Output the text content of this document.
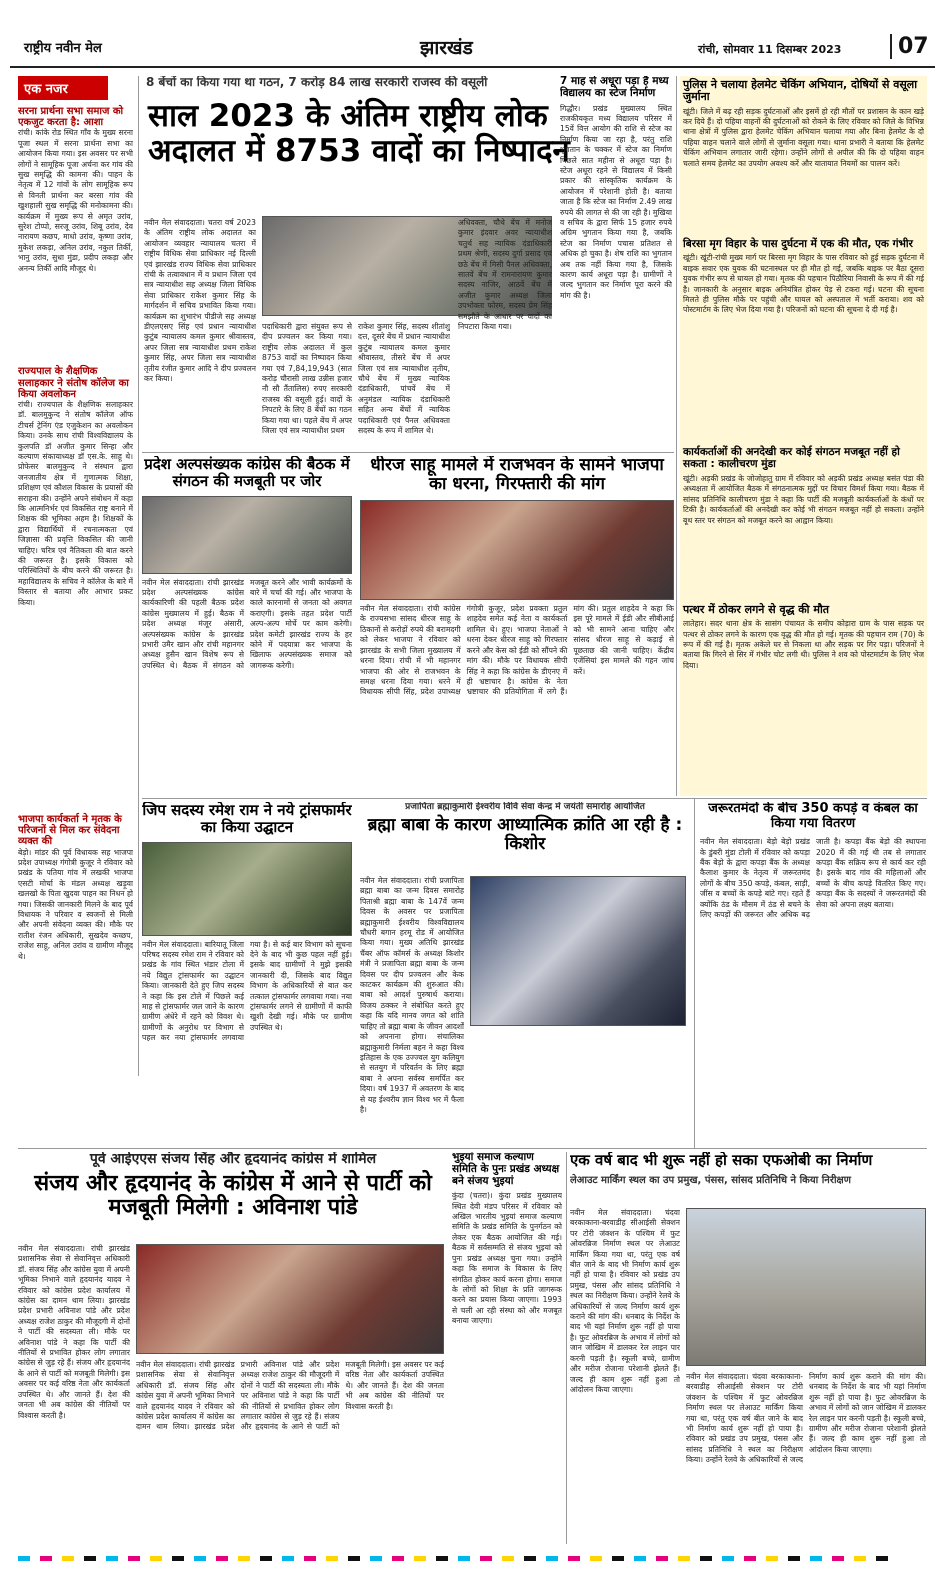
राष्ट्रीय नवीन मेल	झारखंड	रांची, सोमवार 11 दिसम्बर 2023	07
एक नजर
सरना प्रार्थना सभा समाज को एकजुट करता है: आशा
रांची। कांके रोड स्थित गाँव के मुख्य सरना पूजा स्थल में सरना प्रार्थना सभा का आयोजन किया गया। इस अवसर पर सभी लोगों ने सामूहिक पूजा अर्चना कर गांव की सुख समृद्धि की कामना की। पाहन के नेतृत्व में 12 गांवों के लोग सामूहिक रूप से विनती प्रार्थना कर बरसा गांव की खुशहाली सुख समृद्धि की मनोकामना की। कार्यक्रम में मुख्य रूप से अमृत उरांव, सुरेश टोप्पो, सरजू उरांव, शिबू उरांव, देव नारायण कछप, माधो उरांव, कृष्णा उरांव, मुकेश लकड़ा, अनिल उरांव, नकुल तिर्की, भानु उरांव, सुधा मुंडा, प्रदीप लकड़ा और अनन्य तिर्की आदि मौजूद थे।
राज्यपाल के शैक्षणिक सलाहकार ने संतोष कॉलेज का किया अवलोकन
रांची। राज्यपाल के शैक्षणिक सलाहकार डॉ. बालमुकुन्द ने संतोष कॉलेज ऑफ टीचर्स ट्रेनिंग एंड एजुकेशन का अवलोकन किया। उनके साथ रांची विश्वविद्यालय के कुलपति डॉ अजीत कुमार सिन्हा और कल्याण संकायाध्यक्ष डॉ एस.के. साहू थे। प्रोफेसर बालमुकुन्द ने संस्थान द्वारा जनजातीय क्षेत्र में गुणात्मक शिक्षा, प्रशिक्षण एवं कौशल विकास के प्रयासों की सराहना की। उन्होंने अपने संबोधन में कहा कि आत्मनिर्भर एवं विकसित राष्ट्र बनाने में शिक्षक की भूमिका अहम है। शिक्षकों के द्वारा विद्यार्थियों में रचनात्मकता एवं जिज्ञासा की प्रवृत्ति विकसित की जानी चाहिए। चरित्र एवं नैतिकता की बात करने की जरूरत है। इसके विकास को परिस्थितियों के बीच करने की जरूरत है। महाविद्यालय के सचिव ने कॉलेज के बारे में विस्तार से बताया और आभार प्रकट किया।
भाजपा कार्यकर्ता ने मृतक के परिजनों से मिल कर संवेदना व्यक्त की
बेड़ो। मांडर की पूर्व विधायक सह भाजपा प्रदेश उपाध्यक्ष गंगोत्री कुजूर ने रविवार को प्रखंड के पतिया गांव में लखकी भाजपा एसटी मोर्चा के मंडल अध्यक्ष खड़ूवा खलखो के पिता खुदवा पाहन का निधन हो गया। जिसकी जानकारी मिलने के बाद पूर्व विधायक ने परिवार व स्वजनों से मिली और अपनी संवेदना व्यक्त की। मौके पर रातीश रंजन अधिकारी, सुखदेव कच्छप, राजेश साहू, अनिल उरांव व ग्रामीण मौजूद थे।
8 बेंचों का किया गया था गठन, 7 करोड़ 84 लाख सरकारी राजस्व की वसूली
साल 2023 के अंतिम राष्ट्रीय लोक अदालत में 8753 वादों का निष्पादन
नवीन मेल संवाददाता। चतरा वर्ष 2023 के अंतिम राष्ट्रीय लोक अदालत का आयोजन व्यवहार न्यायालय चतरा में राष्ट्रीय विधिक सेवा प्राधिकार नई दिल्ली एवं झारखंड राज्य विधिक सेवा प्राधिकार रांची के तत्वावधान में व प्रधान जिला एवं सत्र न्यायाधीश सह अध्यक्ष जिला विधिक सेवा प्राधिकार राकेश कुमार सिंह के मार्गदर्शन में सचिव प्रभावित किया गया। कार्यक्रम का शुभारंभ पीडीजे सह अध्यक्ष डीएलएसए सिंह एवं प्रधान न्यायाधीश कुटुंब न्यायालय कमल कुमार श्रीवास्तव, अपर जिला सत्र न्यायाधीश प्रथम राकेश कुमार सिंह, अपर जिला सत्र न्यायाधीश तृतीय रंजीत कुमार आदि ने दीप प्रज्वलन कर किया।
पदाधिकारी द्वारा संयुक्त रूप से दीप प्रज्वलन कर किया गया। राष्ट्रीय लोक अदालत में कुल 8753 वादों का निष्पादन किया गया एवं 7,84,19,943 (सात करोड़ चौरासी लाख उन्नीस हजार नौ सौ तैंतालिस) रुपए सरकारी राजस्व की वसूली हुई। वादों के निपटारे के लिए 8 बेंचों का गठन किया गया था। पहले बेंच में अपर जिला एवं सत्र न्यायाधीश प्रथम
राकेश कुमार सिंह, सदस्य शीतांशु दत्त, दूसरे बेंच में प्रधान न्यायाधीश कुटुंब न्यायालय कमल कुमार श्रीवास्तव, तीसरे बेंच में अपर जिला एवं सत्र न्यायाधीश तृतीय, चौथे बेंच में मुख्य न्यायिक दंडाधिकारी, पांचवें बेंच में अनुमंडल न्यायिक दंडाधिकारी सहित अन्य बेंचों में न्यायिक पदाधिकारी एवं पैनल अधिवक्ता सदस्य के रूप में शामिल थे।
अधिवक्ता, चौथे बेंच में मनोज कुमार इंदवार अवर न्यायाधीश चतुर्थ सह न्यायिक दंडाधिकारी प्रथम श्रेणी, सदस्य दुर्गा प्रसाद एवं छठे बेंच में मिसी पैनल अधिवक्ता, सातवें बेंच में रामनारायण कुमार सदस्य नाजिर, आठवें बेंच में अजीत कुमार अध्यक्ष जिला उपभोक्ता फोरम, सदस्य प्रेम सिंह समझौते के आधार पर वादों का निपटारा किया गया।
7 माह से अधूरा पड़ा है मध्य विद्यालय का स्टेज निर्माण
गिद्धौर। प्रखंड मुख्यालय स्थित राजकीयकृत मध्य विद्यालय परिसर में 15वें वित्त आयोग की राशि से स्टेज का निर्माण किया जा रहा है, परंतु राशि भुगतान के चक्कर में स्टेज का निर्माण पिछले सात महीना से अधूरा पड़ा है। स्टेज अधूरा रहने से विद्यालय में किसी प्रकार की सांस्कृतिक कार्यक्रम के आयोजन में परेशानी होती है। बताया जाता है कि स्टेज का निर्माण 2.49 लाख रुपये की लागत से की जा रही है। मुखिया व सचिव के द्वारा सिर्फ 15 हजार रुपये अग्रिम भुगतान किया गया है, जबकि स्टेज का निर्माण पचास प्रतिशत से अधिक हो चुका है। शेष राशि का भुगतान अब तक नहीं किया गया है, जिसके कारण कार्य अधूरा पड़ा है। ग्रामीणों ने जल्द भुगतान कर निर्माण पूरा करने की मांग की है।
पुलिस ने चलाया हेलमेट चेकिंग अभियान, दोषियों से वसूला जुर्माना
खूंटी। जिले में बढ़ रही सड़क दुर्घटनाओं और इसमें हो रही मौतों पर प्रशासन के कान खड़े कर दिये हैं। दो पहिया वाहनों की दुर्घटनाओं को रोकने के लिए रविवार को जिले के विभिन्न थाना क्षेत्रों में पुलिस द्वारा हेलमेट चेकिंग अभियान चलाया गया और बिना हेलमेट के दो पहिया वाहन चलाने वाले लोगों से जुर्माना वसूला गया। थाना प्रभारी ने बताया कि हेलमेट चेकिंग अभियान लगातार जारी रहेगा। उन्होंने लोगों से अपील की कि दो पहिया वाहन चलाते समय हेलमेट का उपयोग अवश्य करें और यातायात नियमों का पालन करें।
बिरसा मृग विहार के पास दुर्घटना में एक की मौत, एक गंभीर
खूंटी। खूंटी-रांची मुख्य मार्ग पर बिरसा मृग विहार के पास रविवार को हुई सड़क दुर्घटना में बाइक सवार एक युवक की घटनास्थल पर ही मौत हो गई, जबकि बाइक पर बैठा दूसरा युवक गंभीर रूप से घायल हो गया। मृतक की पहचान पिठौरिया निवासी के रूप में की गई है। जानकारी के अनुसार बाइक अनियंत्रित होकर पेड़ से टकरा गई। घटना की सूचना मिलते ही पुलिस मौके पर पहुंची और घायल को अस्पताल में भर्ती कराया। शव को पोस्टमार्टम के लिए भेज दिया गया है। परिजनों को घटना की सूचना दे दी गई है।
कार्यकर्ताओं की अनदेखी कर कोई संगठन मजबूत नहीं हो सकता : कालीचरण मुंडा
खूंटी। अड़की प्रखंड के जोजोहातु ग्राम में रविवार को अड़की प्रखंड अध्यक्ष बसंत पंडा की अध्यक्षता में आयोजित बैठक में संगठनात्मक मुद्दों पर विचार विमर्श किया गया। बैठक में सांसद प्रतिनिधि कालीचरण मुंडा ने कहा कि पार्टी की मजबूती कार्यकर्ताओं के कंधों पर टिकी है। कार्यकर्ताओं की अनदेखी कर कोई भी संगठन मजबूत नहीं हो सकता। उन्होंने बूथ स्तर पर संगठन को मजबूत करने का आह्वान किया।
पत्थर में ठोकर लगने से वृद्ध की मौत
लातेहार। सदर थाना क्षेत्र के सासंग पंचायत के समीप कोड़ारा ग्राम के पास सड़क पर पत्थर से ठोकर लगने के कारण एक वृद्ध की मौत हो गई। मृतक की पहचान राम (70) के रूप में की गई है। मृतक अकेले घर से निकला था और सड़क पर गिर पड़ा। परिजनों ने बताया कि गिरने से सिर में गंभीर चोट लगी थी। पुलिस ने शव को पोस्टमार्टम के लिए भेज दिया।
प्रदेश अल्पसंख्यक कांग्रेस की बैठक में संगठन की मजबूती पर जोर
नवीन मेल संवाददाता। रांची झारखंड प्रदेश अल्पसंख्यक कांग्रेस कार्यकारिणी की पहली बैठक प्रदेश कांग्रेस मुख्यालय में हुई। बैठक में प्रदेश अध्यक्ष मंजूर अंसारी, अल्पसंख्यक कांग्रेस के झारखंड प्रभारी उमैर खान और रांची महानगर अध्यक्ष हुसैन खान विशेष रूप से उपस्थित थे। बैठक में संगठन को मजबूत करने और भावी कार्यक्रमों के बारे में चर्चा की गई। और भाजपा के काले कारनामों से जनता को अवगत कराएगी। इसके तहत प्रदेश पार्टी अल्प-अल्प मोर्चे पर काम करेगी। प्रदेश कमेटी झारखंड राज्य के हर कोने में पदयात्रा कर भाजपा के खिलाफ अल्पसंख्यक समाज को जागरूक करेगी।
धीरज साहू मामले में राजभवन के सामने भाजपा का धरना, गिरफ्तारी की मांग
नवीन मेल संवाददाता। रांची कांग्रेस के राज्यसभा सांसद धीरज साहू के ठिकानों से करोड़ों रुपये की बरामदगी को लेकर भाजपा ने रविवार को झारखंड के सभी जिला मुख्यालय में धरना दिया। रांची में भी महानगर भाजपा की ओर से राजभवन के समक्ष धरना दिया गया। धरने में विधायक सीपी सिंह, प्रदेश उपाध्यक्ष गंगोत्री कुजूर, प्रदेश प्रवक्ता प्रतुल शाहदेव समेत कई नेता व कार्यकर्ता शामिल थे। हुए। भाजपा नेताओं ने धरना देकर धीरज साहू को गिरफ्तार करने और केस को ईडी को सौंपने की मांग की। मौके पर विधायक सीपी सिंह ने कहा कि कांग्रेस के डीएनए में ही भ्रष्टाचार है। कांग्रेस के नेता भ्रष्टाचार की प्रतियोगिता में लगे हैं। मांग की। प्रतुल शाहदेव ने कहा कि इस पूरे मामले में ईडी और सीबीआई को भी सामने आना चाहिए और सांसद धीरज साहू से कड़ाई से पूछताछ की जानी चाहिए। केंद्रीय एजेंसियां इस मामले की गहन जांच करें।
जिप सदस्य रमेश राम ने नये ट्रांसफार्मर का किया उद्घाटन
नवीन मेल संवाददाता। बारियातू जिला परिषद सदस्य रमेश राम ने रविवार को प्रखंड के गांव स्थित भंडार टोला में नये विद्युत ट्रांसफार्मर का उद्घाटन किया। जानकारी देते हुए जिप सदस्य ने कहा कि इस टोले में पिछले कई माह से ट्रांसफार्मर जल जाने के कारण ग्रामीण अंधेरे में रहने को विवश थे। ग्रामीणों के अनुरोध पर विभाग से पहल कर नया ट्रांसफार्मर लगवाया गया है। से कई बार विभाग को सूचना देने के बाद भी कुछ पहल नहीं हुई। इसके बाद ग्रामीणों ने मुझे इसकी जानकारी दी, जिसके बाद विद्युत विभाग के अधिकारियों से बात कर तत्काल ट्रांसफार्मर लगवाया गया। नया ट्रांसफार्मर लगने से ग्रामीणों में काफी खुशी देखी गई। मौके पर ग्रामीण उपस्थित थे।
प्रजापिता ब्रह्माकुमारी ईश्वरीय विवि सेवा केन्द्र में जयंती समारोह आयोजित
ब्रह्मा बाबा के कारण आध्यात्मिक क्रांति आ रही है : किशोर
नवीन मेल संवाददाता। रांची प्रजापिता ब्रह्मा बाबा का जन्म दिवस समारोह पिताश्री ब्रह्मा बाबा के 147वें जन्म दिवस के अवसर पर प्रजापिता ब्रह्माकुमारी ईश्वरीय विश्वविद्यालय चौधरी बगान हरमू रोड में आयोजित किया गया। मुख्य अतिथि झारखंड चैंबर ऑफ कॉमर्स के अध्यक्ष किशोर मंत्री ने प्रजापिता ब्रह्मा बाबा के जन्म दिवस पर दीप प्रज्वलन और केक काटकर कार्यक्रम की शुरुआत की। बाबा को आदर्श पुरुषार्थ कराया। विजय ठक्कर ने संबोधित करते हुए कहा कि यदि मानव जगत को शांति चाहिए तो ब्रह्मा बाबा के जीवन आदर्शों को अपनाना होगा। संचालिका ब्रह्माकुमारी निर्मला बहन ने कहा विश्व इतिहास के एक उज्ज्वल युग कलियुग से सतयुग में परिवर्तन के लिए ब्रह्मा बाबा ने अपना सर्वस्व समर्पित कर दिया। वर्ष 1937 में अवतरण के बाद से यह ईश्वरीय ज्ञान विश्व भर में फैला है।
जरूरतमंदों के बीच 350 कपड़े व कंबल का किया गया वितरण
नवीन मेल संवाददाता। बेड़ो बेड़ो प्रखंड के डुंबरी मुंडा टोली में रविवार को कपड़ा बैंक बेड़ो के द्वारा कपड़ा बैंक के अध्यक्ष कैलाश कुमार के नेतृत्व में जरूरतमंद लोगों के बीच 350 कपड़े, कंबल, साड़ी, जींस व बच्चों के कपड़े बांटे गए। रहते हैं क्योंकि ठंड के मौसम में ठंड से बचने के लिए कपड़ों की जरूरत और अधिक बढ़ जाती है। कपड़ा बैंक बेड़ो की स्थापना 2020 में की गई थी तब से लगातार कपड़ा बैंक सक्रिय रूप से कार्य कर रही है। इसके बाद गांव की महिलाओं और बच्चों के बीच कपड़े वितरित किए गए। कपड़ा बैंक के सदस्यों ने जरूरतमंदों की सेवा को अपना लक्ष्य बताया।
पूर्व आईएएस संजय सिंह और हृदयानंद कांग्रेस में शामिल
संजय और हृदयानंद के कांग्रेस में आने से पार्टी को मजबूती मिलेगी : अविनाश पांडे
नवीन मेल संवाददाता। रांची झारखंड प्रशासनिक सेवा से सेवानिवृत्त अधिकारी डॉ. संजय सिंह और कांग्रेस युवा में अपनी भूमिका निभाने वाले हृदयानंद यादव ने रविवार को कांग्रेस प्रदेश कार्यालय में कांग्रेस का दामन थाम लिया। झारखंड प्रदेश प्रभारी अविनाश पांडे और प्रदेश अध्यक्ष राजेश ठाकुर की मौजूदगी में दोनों ने पार्टी की सदस्यता ली। मौके पर अविनाश पांडे ने कहा कि पार्टी की नीतियों से प्रभावित होकर लोग लगातार कांग्रेस से जुड़ रहे हैं। संजय और हृदयानंद के आने से पार्टी को मजबूती मिलेगी। इस अवसर पर कई वरिष्ठ नेता और कार्यकर्ता उपस्थित थे। और जानते हैं। देश की जनता भी अब कांग्रेस की नीतियों पर विश्वास करती है।
नवीन मेल संवाददाता। रांची झारखंड प्रशासनिक सेवा से सेवानिवृत्त अधिकारी डॉ. संजय सिंह और कांग्रेस युवा में अपनी भूमिका निभाने वाले हृदयानंद यादव ने रविवार को कांग्रेस प्रदेश कार्यालय में कांग्रेस का दामन थाम लिया। झारखंड प्रदेश प्रभारी अविनाश पांडे और प्रदेश अध्यक्ष राजेश ठाकुर की मौजूदगी में दोनों ने पार्टी की सदस्यता ली। मौके पर अविनाश पांडे ने कहा कि पार्टी की नीतियों से प्रभावित होकर लोग लगातार कांग्रेस से जुड़ रहे हैं। संजय और हृदयानंद के आने से पार्टी को मजबूती मिलेगी। इस अवसर पर कई वरिष्ठ नेता और कार्यकर्ता उपस्थित थे। और जानते हैं। देश की जनता भी अब कांग्रेस की नीतियों पर विश्वास करती है।
भुइयां समाज कल्याण समिति के पुनः प्रखंड अध्यक्ष बने संजय भुइयां
कुंदा (चतरा)। कुंदा प्रखंड मुख्यालय स्थित देवी मंडप परिसर में रविवार को अखिल भारतीय भुइयां समाज कल्याण समिति के प्रखंड समिति के पुनर्गठन को लेकर एक बैठक आयोजित की गई। बैठक में सर्वसम्मति से संजय भुइयां को पुनः प्रखंड अध्यक्ष चुना गया। उन्होंने कहा कि समाज के विकास के लिए संगठित होकर कार्य करना होगा। समाज के लोगों को शिक्षा के प्रति जागरूक करने का प्रयास किया जाएगा। 1993 से चली आ रही संस्था को और मजबूत बनाया जाएगा।
एक वर्ष बाद भी शुरू नहीं हो सका एफओबी का निर्माण
लेआउट मार्किंग स्थल का उप प्रमुख, पंसस, सांसद प्रतिनिधि ने किया निरीक्षण
नवीन मेल संवाददाता। चंदवा बरकाकाना-बरवाडीह सीआईसी सेक्शन पर टोरी जंक्शन के पश्चिम में फुट ओवरब्रिज निर्माण स्थल पर लेआउट मार्किंग किया गया था, परंतु एक वर्ष बीत जाने के बाद भी निर्माण कार्य शुरू नहीं हो पाया है। रविवार को प्रखंड उप प्रमुख, पंसस और सांसद प्रतिनिधि ने स्थल का निरीक्षण किया। उन्होंने रेलवे के अधिकारियों से जल्द निर्माण कार्य शुरू कराने की मांग की। धनबाद के निर्देश के बाद भी यहां निर्माण शुरू नहीं हो पाया है। फुट ओवरब्रिज के अभाव में लोगों को जान जोखिम में डालकर रेल लाइन पार करनी पड़ती है। स्कूली बच्चे, ग्रामीण और मरीज रोजाना परेशानी झेलते हैं। जल्द ही काम शुरू नहीं हुआ तो आंदोलन किया जाएगा।
नवीन मेल संवाददाता। चंदवा बरकाकाना-बरवाडीह सीआईसी सेक्शन पर टोरी जंक्शन के पश्चिम में फुट ओवरब्रिज निर्माण स्थल पर लेआउट मार्किंग किया गया था, परंतु एक वर्ष बीत जाने के बाद भी निर्माण कार्य शुरू नहीं हो पाया है। रविवार को प्रखंड उप प्रमुख, पंसस और सांसद प्रतिनिधि ने स्थल का निरीक्षण किया। उन्होंने रेलवे के अधिकारियों से जल्द निर्माण कार्य शुरू कराने की मांग की। धनबाद के निर्देश के बाद भी यहां निर्माण शुरू नहीं हो पाया है। फुट ओवरब्रिज के अभाव में लोगों को जान जोखिम में डालकर रेल लाइन पार करनी पड़ती है। स्कूली बच्चे, ग्रामीण और मरीज रोजाना परेशानी झेलते हैं। जल्द ही काम शुरू नहीं हुआ तो आंदोलन किया जाएगा।
